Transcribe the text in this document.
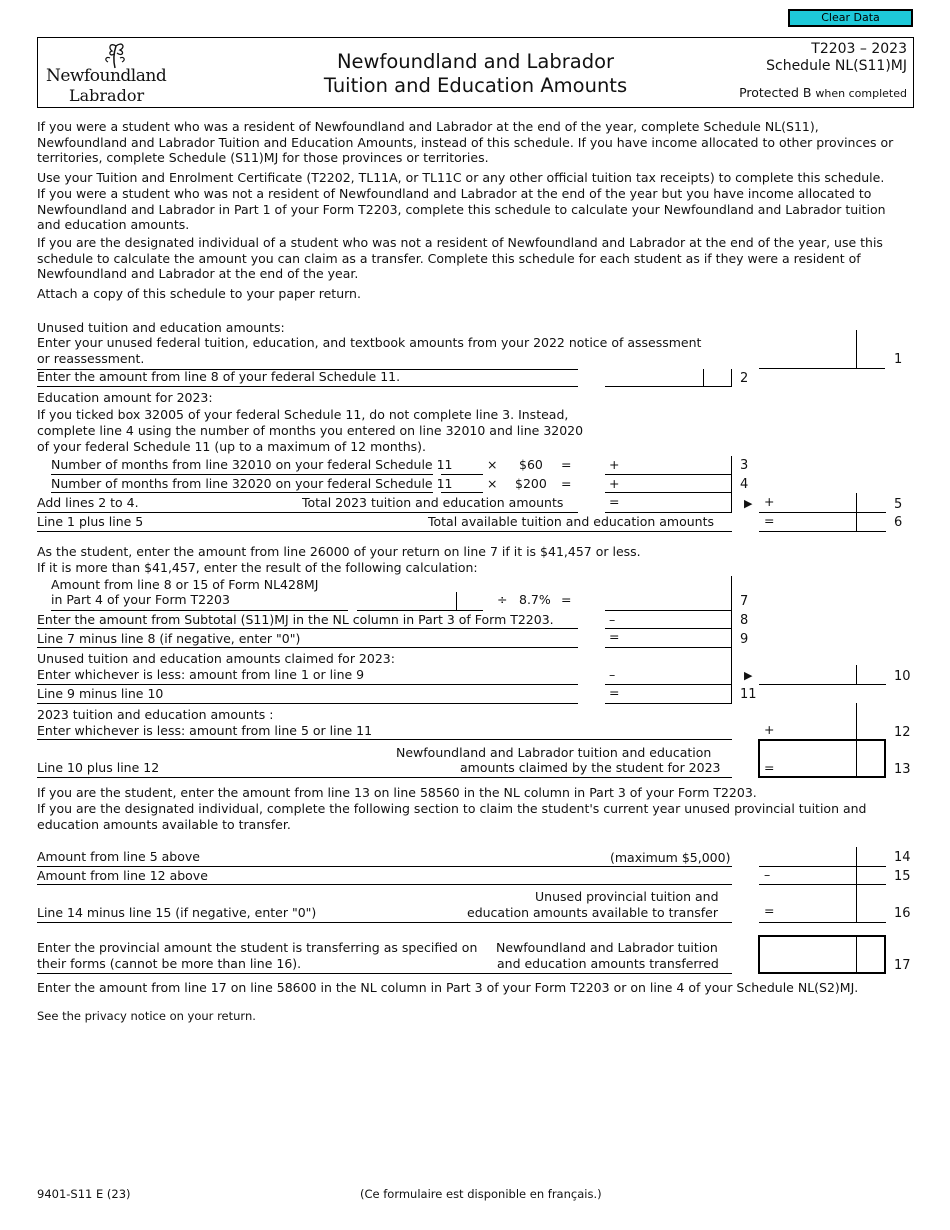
Clear Data
Newfoundland
Labrador
Newfoundland and Labrador
Tuition and Education Amounts
T2203 – 2023
Schedule NL(S11)MJ
Protected B when completed
If you were a student who was a resident of Newfoundland and Labrador at the end of the year, complete Schedule NL(S11), Newfoundland and Labrador Tuition and Education Amounts, instead of this schedule. If you have income allocated to other provinces or territories, complete Schedule (S11)MJ for those provinces or territories.
Use your Tuition and Enrolment Certificate (T2202, TL11A, or TL11C or any other official tuition tax receipts) to complete this schedule.
If you were a student who was not a resident of Newfoundland and Labrador at the end of the year but you have income allocated to Newfoundland and Labrador in Part 1 of your Form T2203, complete this schedule to calculate your Newfoundland and Labrador tuition and education amounts.
If you are the designated individual of a student who was not a resident of Newfoundland and Labrador at the end of the year, use this schedule to calculate the amount you can claim as a transfer. Complete this schedule for each student as if they were a resident of Newfoundland and Labrador at the end of the year.
Attach a copy of this schedule to your paper return.
Unused tuition and education amounts:
Enter your unused federal tuition, education, and textbook amounts from your 2022 notice of assessment
or reassessment.	1
Enter the amount from line 8 of your federal Schedule 11.	2
Education amount for 2023:
If you ticked box 32005 of your federal Schedule 11, do not complete line 3. Instead,
complete line 4 using the number of months you entered on line 32010 and line 32020
of your federal Schedule 11 (up to a maximum of 12 months).
Number of months from line 32010 on your federal Schedule 11	× $60 =	+	3
Number of months from line 32020 on your federal Schedule 11	× $200 =	+	4
Add lines 2 to 4.	Total 2023 tuition and education amounts	=	▶ +	5
Line 1 plus line 5	Total available tuition and education amounts	=	6
As the student, enter the amount from line 26000 of your return on line 7 if it is $41,457 or less.
If it is more than $41,457, enter the result of the following calculation:
Amount from line 8 or 15 of Form NL428MJ
in Part 4 of your Form T2203	÷ 8.7% =	7
Enter the amount from Subtotal (S11)MJ in the NL column in Part 3 of Form T2203.	–	8
Line 7 minus line 8 (if negative, enter "0")	=	9
Unused tuition and education amounts claimed for 2023:
Enter whichever is less: amount from line 1 or line 9	–	▶	10
Line 9 minus line 10	=	11
2023 tuition and education amounts :
Enter whichever is less: amount from line 5 or line 11	+	12
Line 10 plus line 12
Newfoundland and Labrador tuition and education
amounts claimed by the student for 2023	=	13
If you are the student, enter the amount from line 13 on line 58560 in the NL column in Part 3 of your Form T2203.
If you are the designated individual, complete the following section to claim the student's current year unused provincial tuition and education amounts available to transfer.
Amount from line 5 above	(maximum $5,000)	14
Amount from line 12 above	–	15
Line 14 minus line 15 (if negative, enter "0")
Unused provincial tuition and
education amounts available to transfer	=	16
Enter the provincial amount the student is transferring as specified on
their forms (cannot be more than line 16).
Newfoundland and Labrador tuition
and education amounts transferred	17
Enter the amount from line 17 on line 58600 in the NL column in Part 3 of your Form T2203 or on line 4 of your Schedule NL(S2)MJ.
See the privacy notice on your return.
9401-S11 E (23)	(Ce formulaire est disponible en français.)
